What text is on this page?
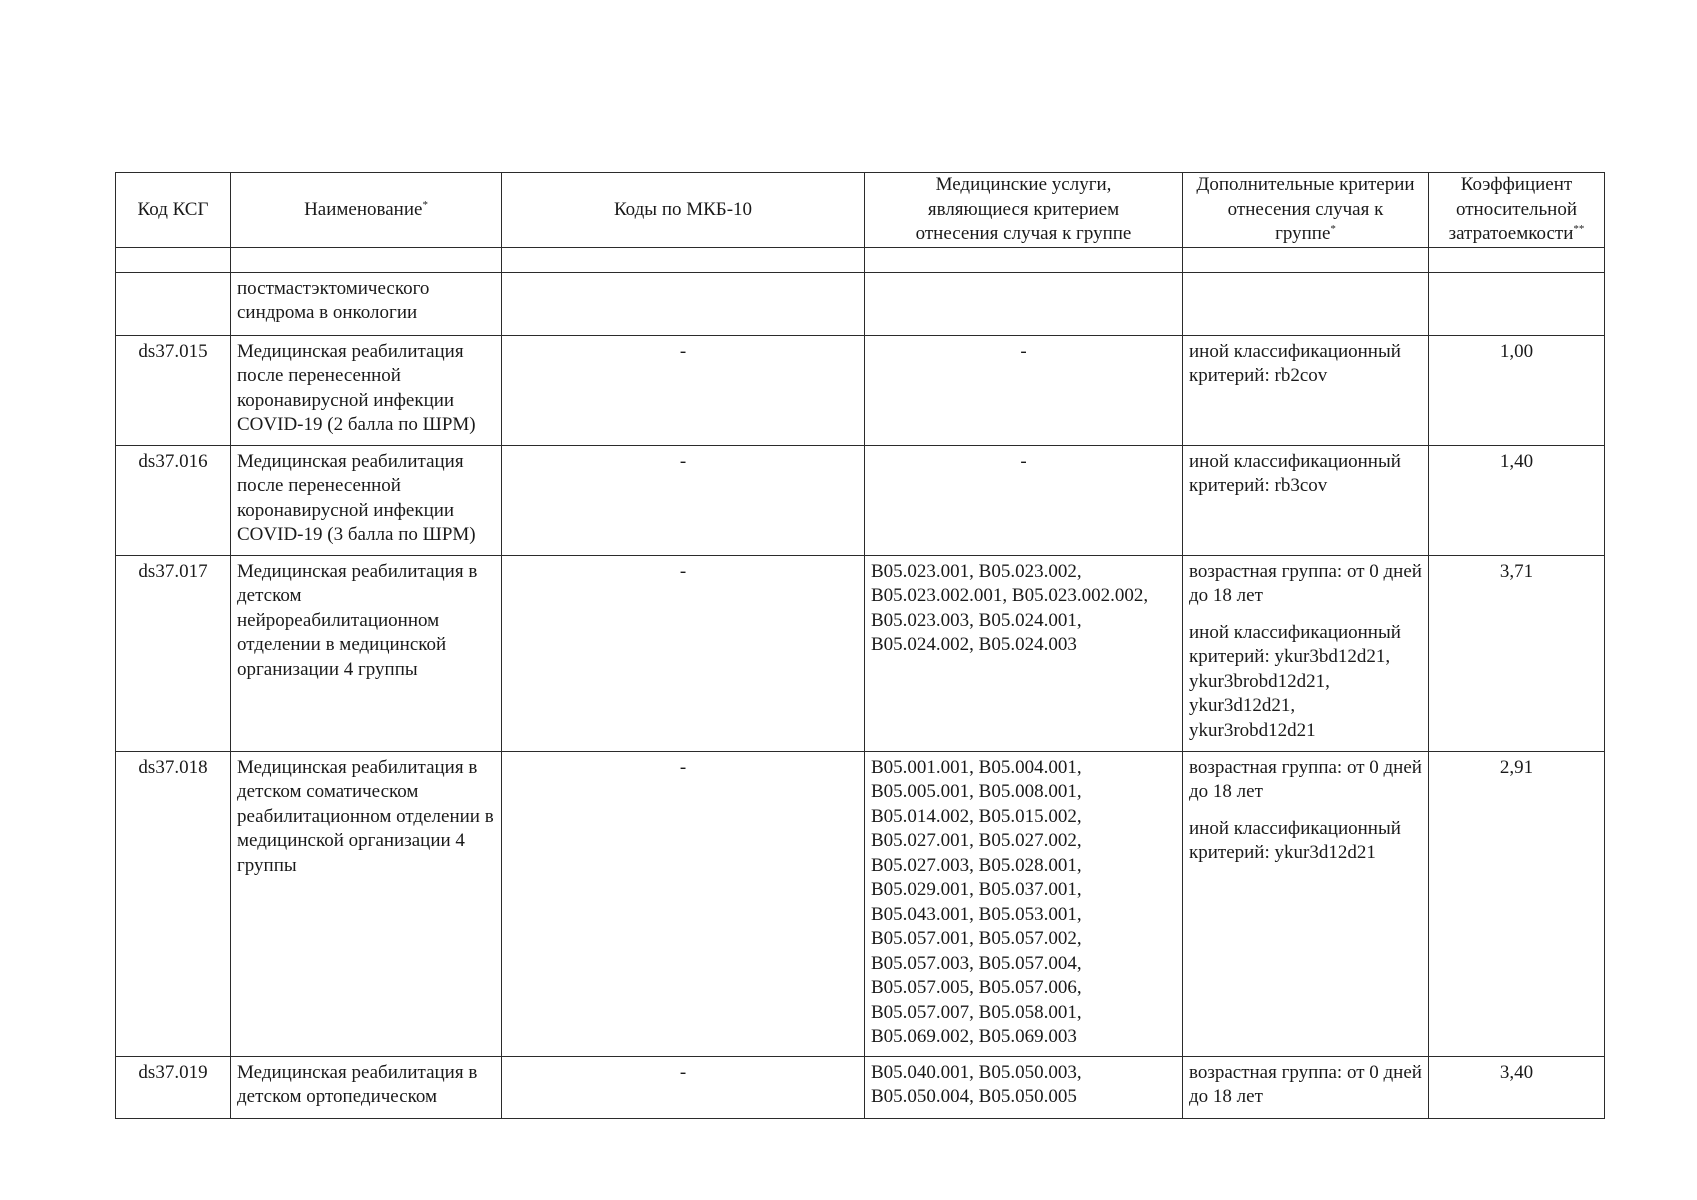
Код КСГ	Наименование*	Коды по МКБ-10	Медицинские услуги,
являющиеся критерием
отнесения случая к группе	Дополнительные критерии
отнесения случая к
группе*	Коэффициент
относительной
затратоемкости**

	постмастэктомического синдрома в онкологии				
ds37.015	Медицинская реабилитация после перенесенной коронавирусной инфекции COVID-19 (2 балла по ШРМ)	-	-	иной классификационный критерий: rb2cov	1,00
ds37.016	Медицинская реабилитация после перенесенной коронавирусной инфекции COVID-19 (3 балла по ШРМ)	-	-	иной классификационный критерий: rb3cov	1,40
ds37.017	Медицинская реабилитация в детском нейрореабилитационном отделении в медицинской организации 4 группы	-	B05.023.001, B05.023.002, B05.023.002.001, B05.023.002.002, B05.023.003, B05.024.001, B05.024.002, B05.024.003	возрастная группа: от 0 дней до 18 лет
иной классификационный критерий: ykur3bd12d21, ykur3brobd12d21, ykur3d12d21, ykur3robd12d21	3,71
ds37.018	Медицинская реабилитация в детском соматическом реабилитационном отделении в медицинской организации 4 группы	-	B05.001.001, B05.004.001, B05.005.001, B05.008.001, B05.014.002, B05.015.002, B05.027.001, B05.027.002, B05.027.003, B05.028.001, B05.029.001, B05.037.001, B05.043.001, B05.053.001, B05.057.001, B05.057.002, B05.057.003, B05.057.004, B05.057.005, B05.057.006, B05.057.007, B05.058.001, B05.069.002, B05.069.003	возрастная группа: от 0 дней до 18 лет
иной классификационный критерий: ykur3d12d21	2,91
ds37.019	Медицинская реабилитация в детском ортопедическом	-	B05.040.001, B05.050.003, B05.050.004, B05.050.005	возрастная группа: от 0 дней до 18 лет	3,40
